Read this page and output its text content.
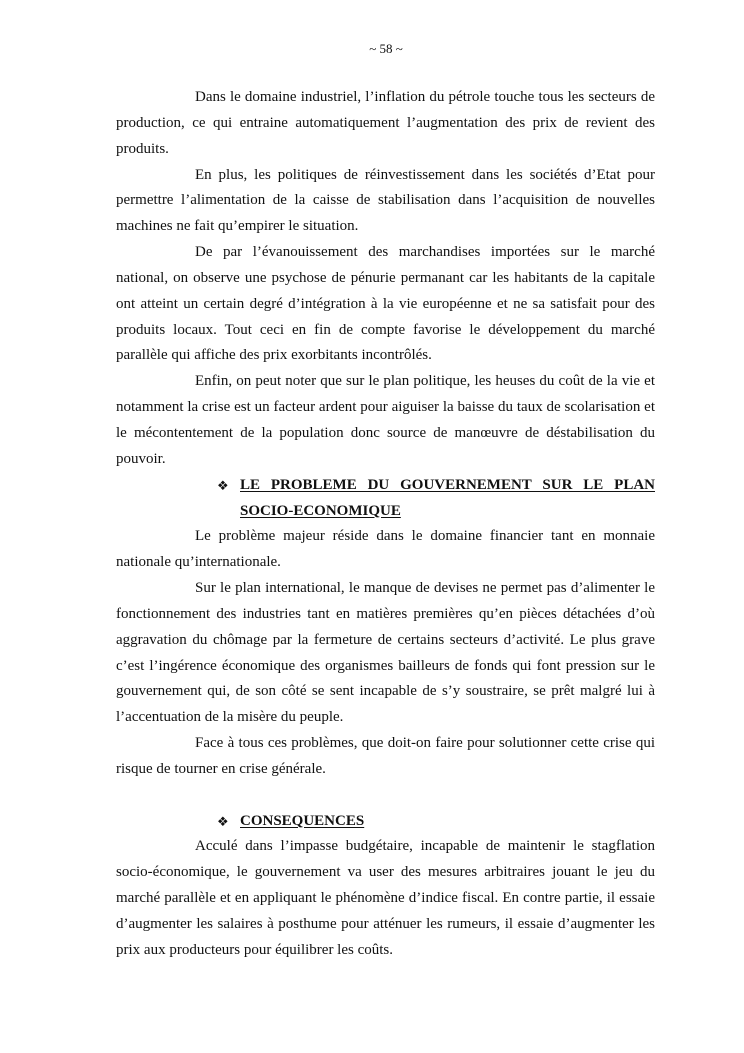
~ 58 ~

Dans le domaine industriel, l’inflation du pétrole touche tous les secteurs de production, ce qui entraine automatiquement l’augmentation des prix de revient des produits.

En plus, les politiques de réinvestissement dans les sociétés d’Etat pour permettre l’alimentation de la caisse de stabilisation dans l’acquisition de nouvelles machines ne fait qu’empirer le situation.

De par l’évanouissement des marchandises importées sur le marché national, on observe une psychose de pénurie permanant car les habitants de la capitale ont atteint un certain degré d’intégration à la vie européenne et ne sa satisfait pour des produits locaux. Tout ceci en fin de compte favorise le développement du marché parallèle qui affiche des prix exorbitants incontrôlés.

Enfin, on peut noter que sur le plan politique, les heuses du coût de la vie et notamment la crise est un facteur ardent pour aiguiser la baisse du taux de scolarisation et le mécontentement de la population donc source de manœuvre de déstabilisation du pouvoir.

❖ LE PROBLEME DU GOUVERNEMENT SUR LE PLAN SOCIO-ECONOMIQUE

Le problème majeur réside dans le domaine financier tant en monnaie nationale qu’internationale.

Sur le plan international, le manque de devises ne permet pas d’alimenter le fonctionnement des industries tant en matières premières qu’en pièces détachées d’où aggravation du chômage par la fermeture de certains secteurs d’activité. Le plus grave c’est l’ingérence économique des organismes bailleurs de fonds qui font pression sur le gouvernement qui, de son côté se sent incapable de s’y soustraire, se prêt malgré lui à l’accentuation de la misère du peuple.

Face à tous ces problèmes, que doit-on faire pour solutionner cette crise qui risque de tourner en crise générale.

❖ CONSEQUENCES

Acculé dans l’impasse budgétaire, incapable de maintenir le stagflation socio-économique, le gouvernement va user des mesures arbitraires jouant le jeu du marché parallèle et en appliquant le phénomène d’indice fiscal. En contre partie, il essaie d’augmenter les salaires à posthume pour atténuer les rumeurs, il essaie d’augmenter les prix aux producteurs pour équilibrer les coûts.
